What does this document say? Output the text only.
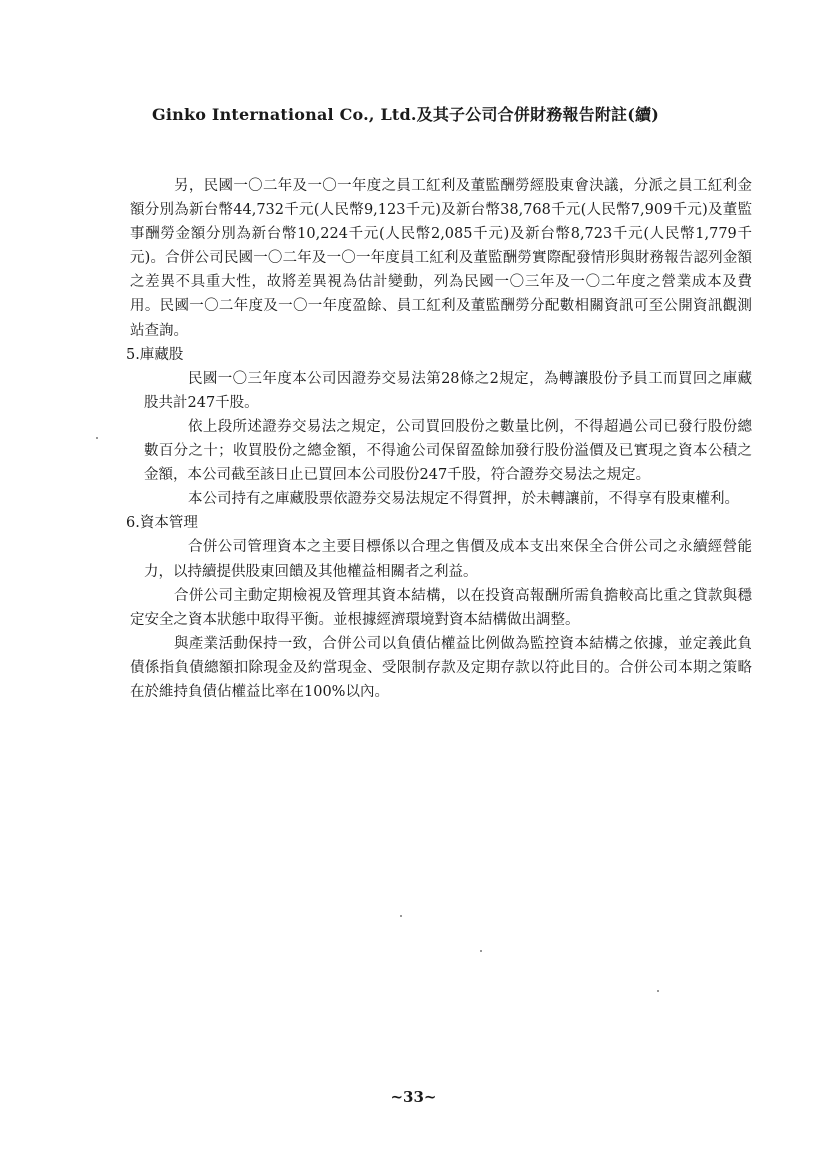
Ginko International Co., Ltd.及其子公司合併財務報告附註(續)

另，民國一〇二年及一〇一年度之員工紅利及董監酬勞經股東會決議，分派之員工紅利金額分別為新台幣44,732千元(人民幣9,123千元)及新台幣38,768千元(人民幣7,909千元)及董監事酬勞金額分別為新台幣10,224千元(人民幣2,085千元)及新台幣8,723千元(人民幣1,779千元)。合併公司民國一〇二年及一〇一年度員工紅利及董監酬勞實際配發情形與財務報告認列金額之差異不具重大性，故將差異視為估計變動，列為民國一〇三年及一〇二年度之營業成本及費用。民國一〇二年度及一〇一年度盈餘、員工紅利及董監酬勞分配數相關資訊可至公開資訊觀測站查詢。

5.庫藏股

民國一〇三年度本公司因證券交易法第28條之2規定，為轉讓股份予員工而買回之庫藏股共計247千股。

依上段所述證券交易法之規定，公司買回股份之數量比例，不得超過公司已發行股份總數百分之十；收買股份之總金額，不得逾公司保留盈餘加發行股份溢價及已實現之資本公積之金額，本公司截至該日止已買回本公司股份247千股，符合證券交易法之規定。

本公司持有之庫藏股票依證券交易法規定不得質押，於未轉讓前，不得享有股東權利。

6.資本管理

合併公司管理資本之主要目標係以合理之售價及成本支出來保全合併公司之永續經營能力，以持續提供股東回饋及其他權益相關者之利益。

合併公司主動定期檢視及管理其資本結構，以在投資高報酬所需負擔較高比重之貸款與穩定安全之資本狀態中取得平衡。並根據經濟環境對資本結構做出調整。

與產業活動保持一致，合併公司以負債佔權益比例做為監控資本結構之依據，並定義此負債係指負債總額扣除現金及約當現金、受限制存款及定期存款以符此目的。合併公司本期之策略在於維持負債佔權益比率在100%以內。

~33~
